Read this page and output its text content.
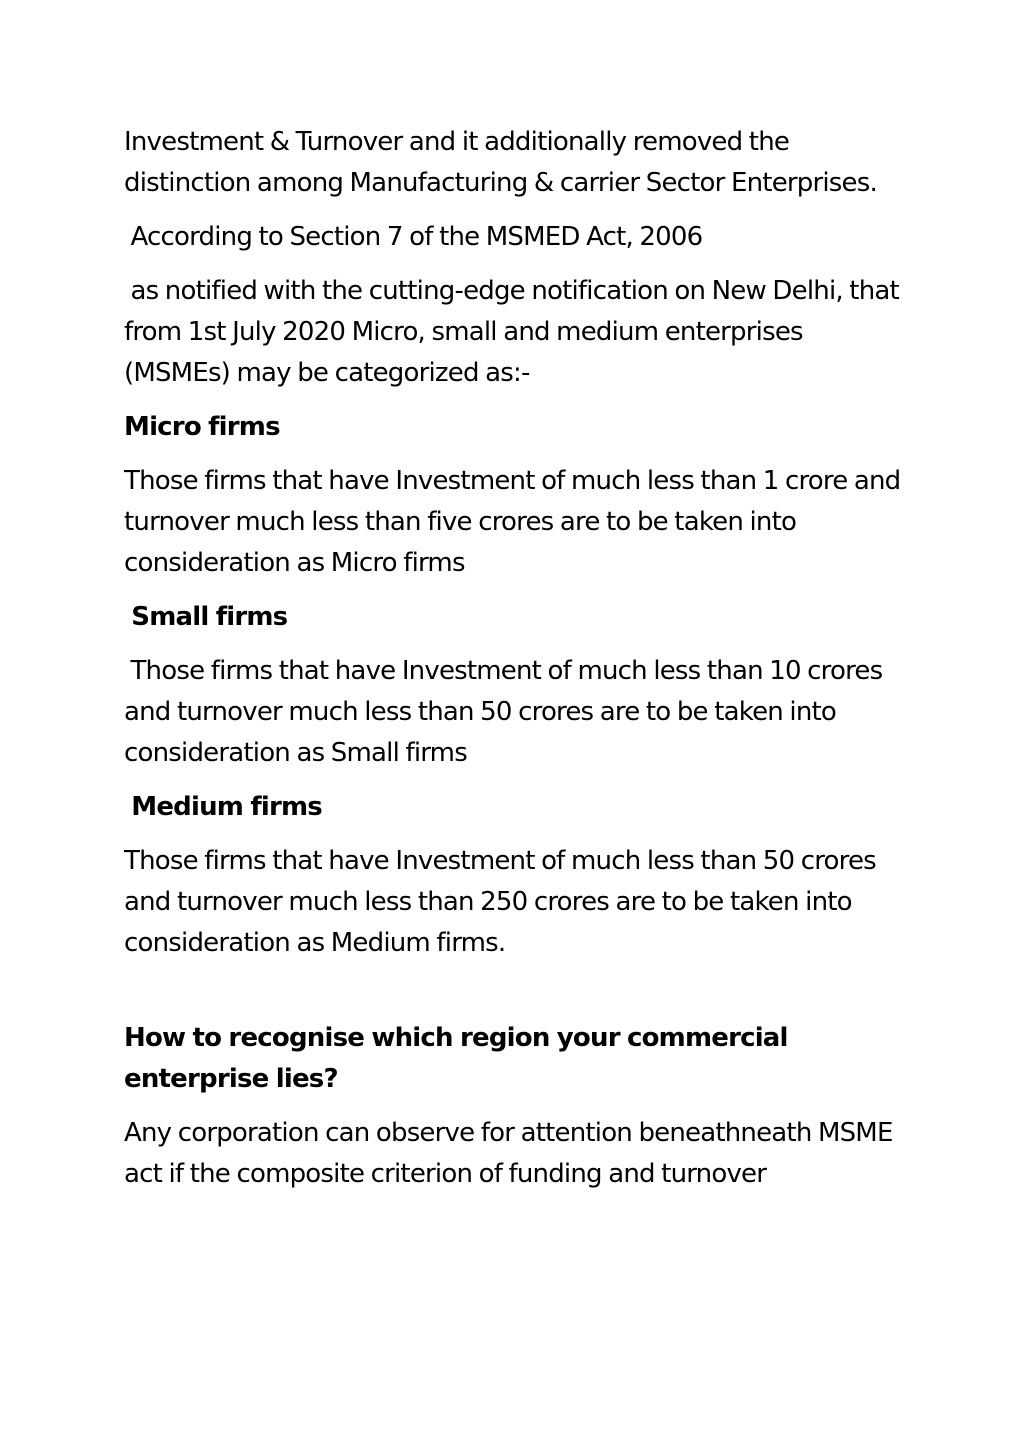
Investment & Turnover and it additionally removed the distinction among Manufacturing & carrier Sector Enterprises.

According to Section 7 of the MSMED Act, 2006

as notified with the cutting-edge notification on New Delhi, that from 1st July 2020 Micro, small and medium enterprises (MSMEs) may be categorized as:-

Micro firms

Those firms that have Investment of much less than 1 crore and turnover much less than five crores are to be taken into consideration as Micro firms

Small firms

Those firms that have Investment of much less than 10 crores and turnover much less than 50 crores are to be taken into consideration as Small firms

Medium firms

Those firms that have Investment of much less than 50 crores and turnover much less than 250 crores are to be taken into consideration as Medium firms.

How to recognise which region your commercial enterprise lies?

Any corporation can observe for attention beneathneath MSME act if the composite criterion of funding and turnover
